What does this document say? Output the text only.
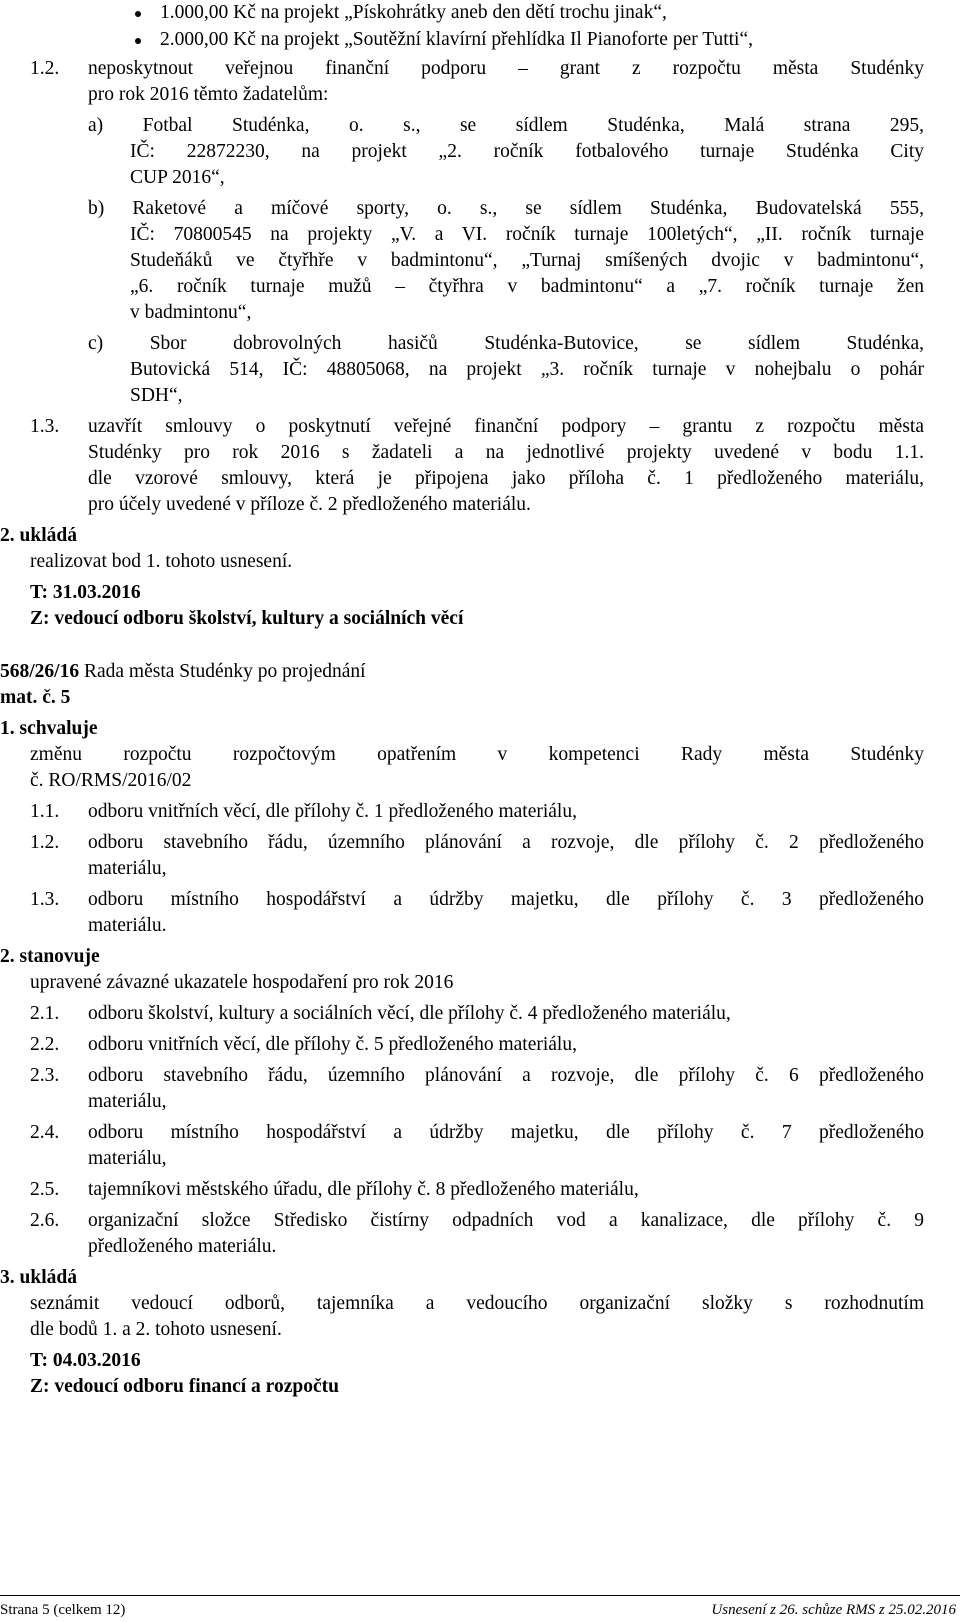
1.000,00 Kč na projekt „Pískohrátky aneb den dětí trochu jinak“,
2.000,00 Kč na projekt „Soutěžní klavírní přehlídka Il Pianoforte per Tutti“,
1.2. neposkytnout veřejnou finanční podporu – grant z rozpočtu města Studénky
pro rok 2016 těmto žadatelům:
a) Fotbal Studénka, o. s., se sídlem Studénka, Malá strana 295,
IČ: 22872230, na projekt „2. ročník fotbalového turnaje Studénka City
CUP 2016“,
b) Raketové a míčové sporty, o. s., se sídlem Studénka, Budovatelská 555,
IČ: 70800545 na projekty „V. a VI. ročník turnaje 100letých“, „II. ročník turnaje
Studeňáků ve čtyřhře v badmintonu“, „Turnaj smíšených dvojic v badmintonu“,
„6. ročník turnaje mužů – čtyřhra v badmintonu“ a „7. ročník turnaje žen
v badmintonu“,
c) Sbor dobrovolných hasičů Studénka-Butovice, se sídlem Studénka,
Butovická 514, IČ: 48805068, na projekt „3. ročník turnaje v nohejbalu o pohár
SDH“,
1.3. uzavřít smlouvy o poskytnutí veřejné finanční podpory – grantu z rozpočtu města
Studénky pro rok 2016 s žadateli a na jednotlivé projekty uvedené v bodu 1.1.
dle vzorové smlouvy, která je připojena jako příloha č. 1 předloženého materiálu,
pro účely uvedené v příloze č. 2 předloženého materiálu.
2. ukládá
realizovat bod 1. tohoto usnesení.
T: 31.03.2016
Z: vedoucí odboru školství, kultury a sociálních věcí
568/26/16 Rada města Studénky po projednání
mat. č. 5
1. schvaluje
změnu rozpočtu rozpočtovým opatřením v kompetenci Rady města Studénky
č. RO/RMS/2016/02
1.1. odboru vnitřních věcí, dle přílohy č. 1 předloženého materiálu,
1.2. odboru stavebního řádu, územního plánování a rozvoje, dle přílohy č. 2 předloženého
materiálu,
1.3. odboru místního hospodářství a údržby majetku, dle přílohy č. 3 předloženého
materiálu.
2. stanovuje
upravené závazné ukazatele hospodaření pro rok 2016
2.1. odboru školství, kultury a sociálních věcí, dle přílohy č. 4 předloženého materiálu,
2.2. odboru vnitřních věcí, dle přílohy č. 5 předloženého materiálu,
2.3. odboru stavebního řádu, územního plánování a rozvoje, dle přílohy č. 6 předloženého
materiálu,
2.4. odboru místního hospodářství a údržby majetku, dle přílohy č. 7 předloženého
materiálu,
2.5. tajemníkovi městského úřadu, dle přílohy č. 8 předloženého materiálu,
2.6. organizační složce Středisko čistírny odpadních vod a kanalizace, dle přílohy č. 9
předloženého materiálu.
3. ukládá
seznámit vedoucí odborů, tajemníka a vedoucího organizační složky s rozhodnutím
dle bodů 1. a 2. tohoto usnesení.
T: 04.03.2016
Z: vedoucí odboru financí a rozpočtu
Strana 5 (celkem 12)	Usnesení z 26. schůze RMS z 25.02.2016
